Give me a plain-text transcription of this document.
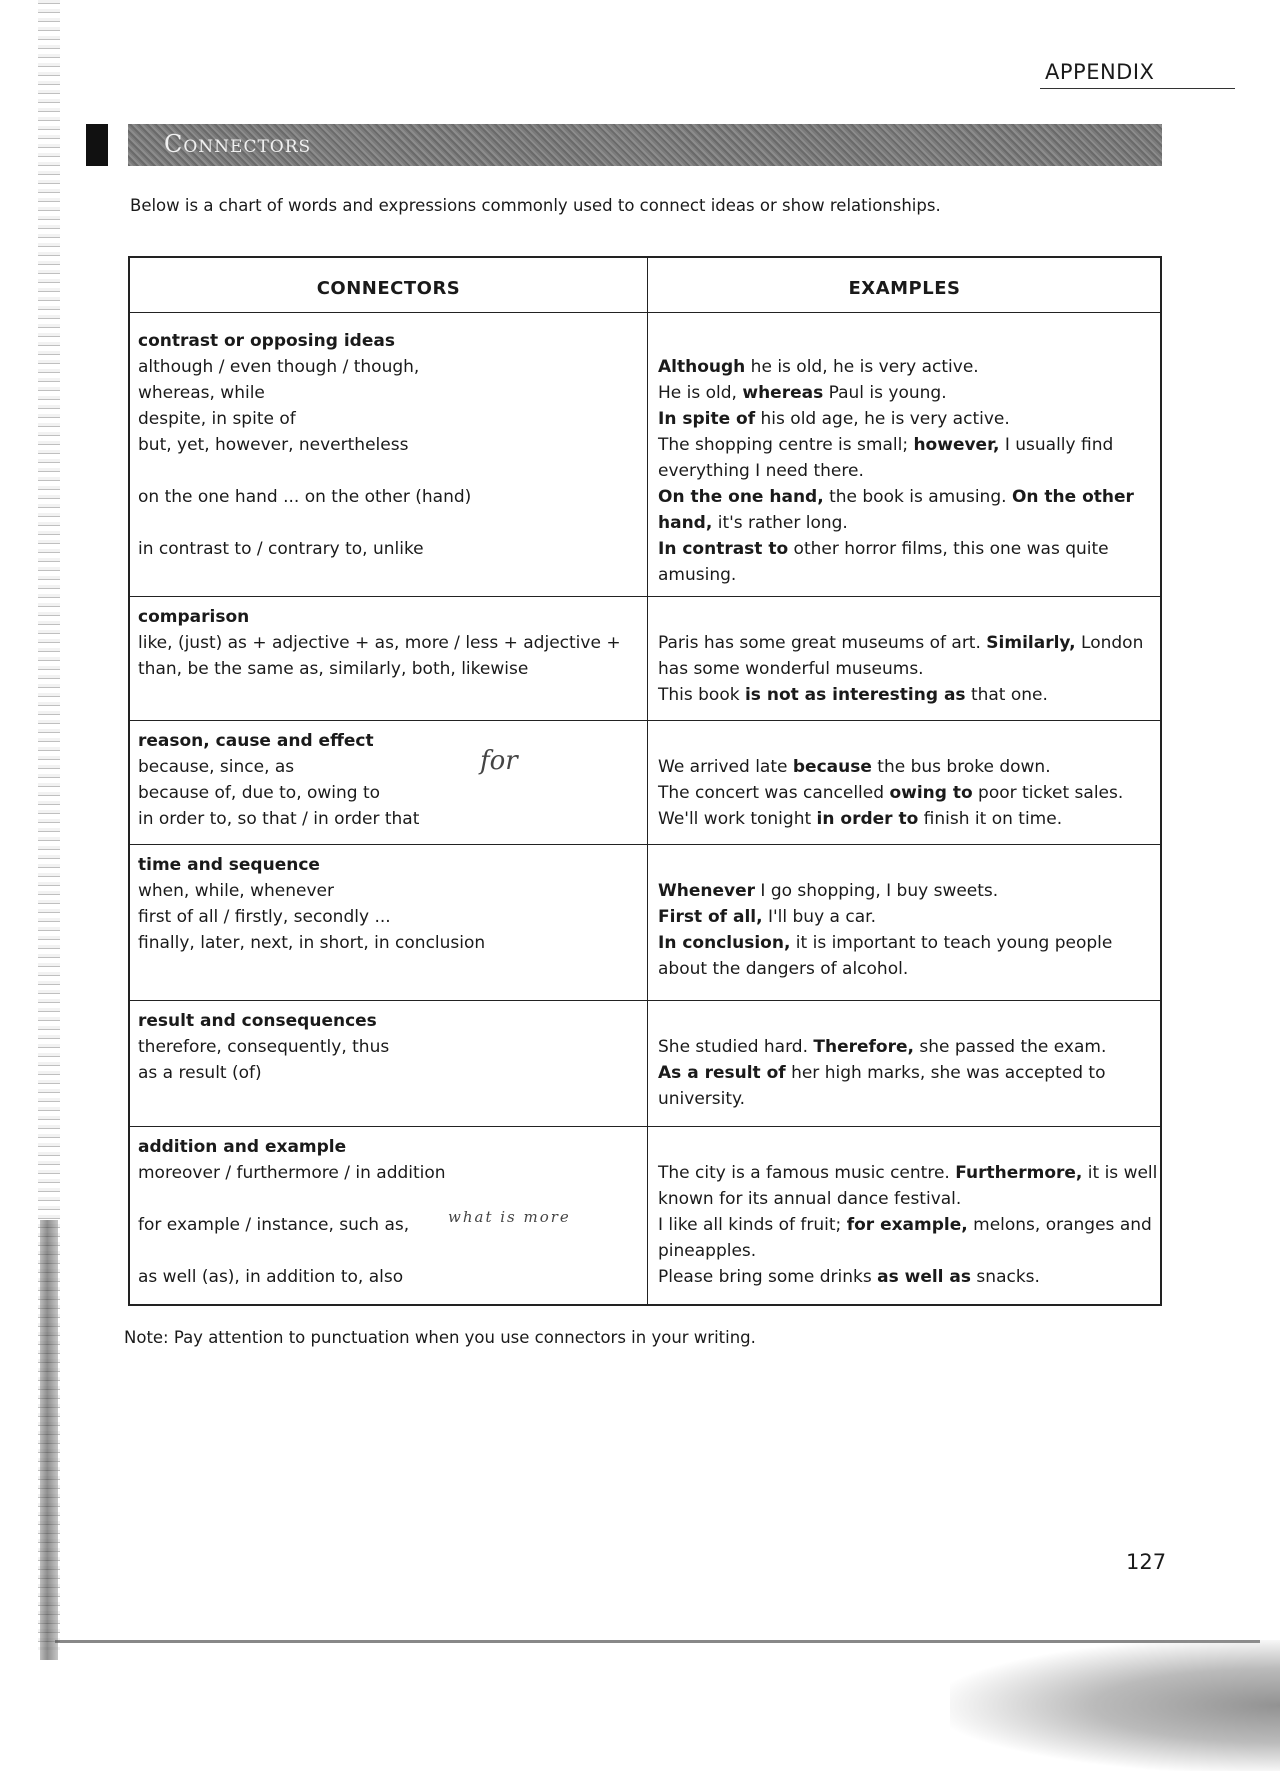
APPENDIX
Connectors
Below is a chart of words and expressions commonly used to connect ideas or show relationships.
CONNECTORS	EXAMPLES
contrast or opposing ideas
although / even though / though,
whereas, while
despite, in spite of
but, yet, however, nevertheless
on the one hand ... on the other (hand)
in contrast to / contrary to, unlike
Although he is old, he is very active.
He is old, whereas Paul is young.
In spite of his old age, he is very active.
The shopping centre is small; however, I usually find everything I need there.
On the one hand, the book is amusing. On the other hand, it's rather long.
In contrast to other horror films, this one was quite amusing.
comparison
like, (just) as + adjective + as, more / less + adjective + than, be the same as, similarly, both, likewise
Paris has some great museums of art. Similarly, London has some wonderful museums.
This book is not as interesting as that one.
reason, cause and effect
because, since, as
because of, due to, owing to
in order to, so that / in order that
We arrived late because the bus broke down.
The concert was cancelled owing to poor ticket sales.
We'll work tonight in order to finish it on time.
time and sequence
when, while, whenever
first of all / firstly, secondly ...
finally, later, next, in short, in conclusion
Whenever I go shopping, I buy sweets.
First of all, I'll buy a car.
In conclusion, it is important to teach young people about the dangers of alcohol.
result and consequences
therefore, consequently, thus
as a result (of)
She studied hard. Therefore, she passed the exam.
As a result of her high marks, she was accepted to university.
addition and example
moreover / furthermore / in addition
for example / instance, such as,
as well (as), in addition to, also
The city is a famous music centre. Furthermore, it is well known for its annual dance festival.
I like all kinds of fruit; for example, melons, oranges and pineapples.
Please bring some drinks as well as snacks.
for
what is more
Note: Pay attention to punctuation when you use connectors in your writing.
127
